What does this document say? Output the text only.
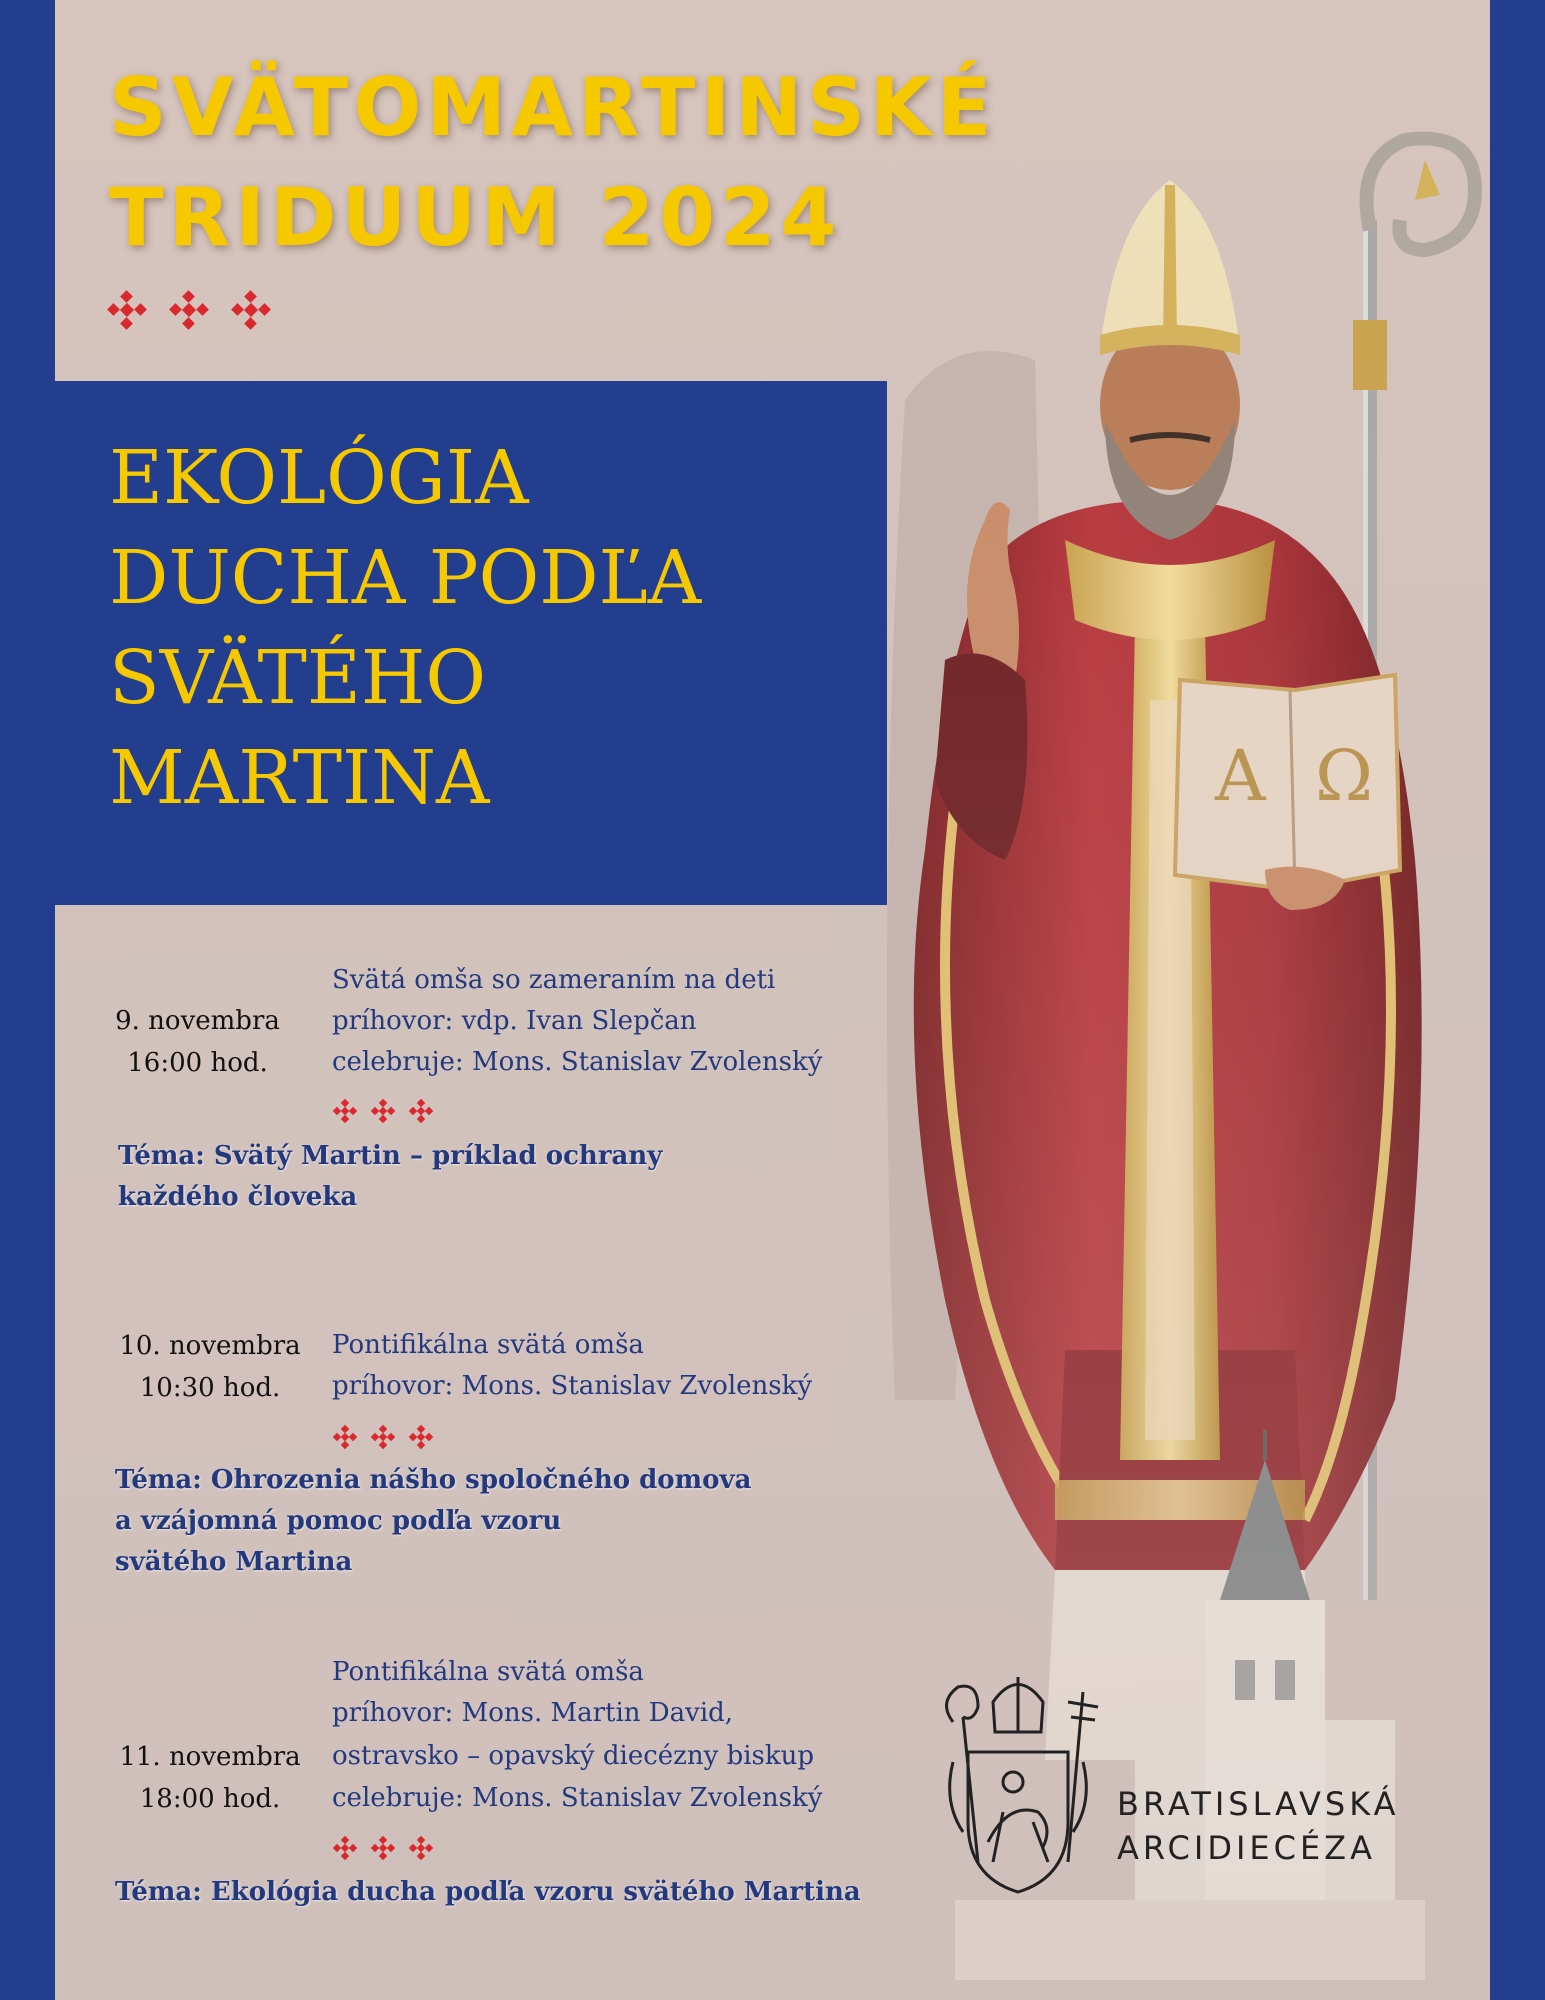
A Ω
SVÄTOMARTINSKÉ
TRIDUUM 2024
EKOLÓGIA
DUCHA PODĽA
SVÄTÉHO
MARTINA
9. novembra
16:00 hod.
Svätá omša so zameraním na deti
príhovor: vdp. Ivan Slepčan
celebruje: Mons. Stanislav Zvolenský
Téma: Svätý Martin – príklad ochrany
každého človeka
10. novembra
10:30 hod.
Pontifikálna svätá omša
príhovor: Mons. Stanislav Zvolenský
Téma: Ohrozenia nášho spoločného domova
a vzájomná pomoc podľa vzoru
svätého Martina
11. novembra
18:00 hod.
Pontifikálna svätá omša
príhovor: Mons. Martin David,
ostravsko – opavský diecézny biskup
celebruje: Mons. Stanislav Zvolenský
Téma: Ekológia ducha podľa vzoru svätého Martina
BRATISLAVSKÁ
ARCIDIECÉZA
